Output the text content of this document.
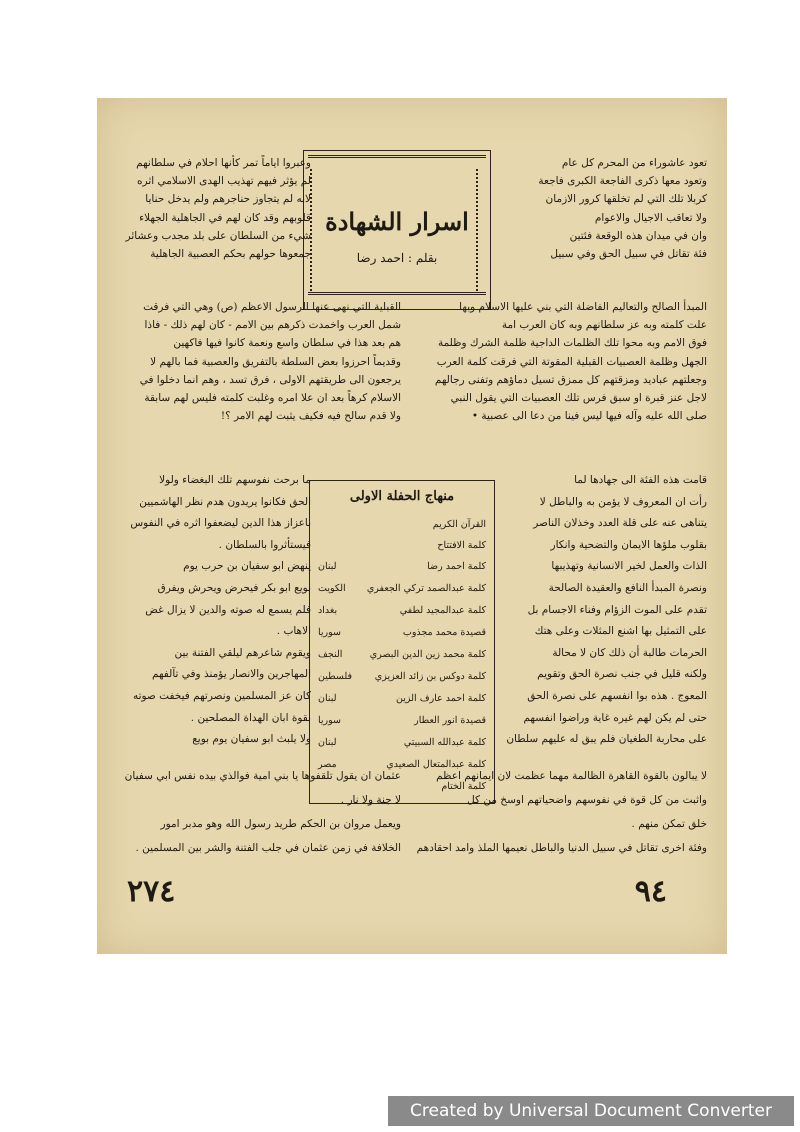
تعود عاشوراء من المحرم كل عام

وتعود معها ذكرى الفاجعة الكبرى فاجعة

كربلا تلك التي لم تخلقها كرور الازمان

ولا تعاقب الاجيال والاعوام

وان في ميدان هذه الوقعة فئتين

فئة تقاتل في سبيل الحق وفي سبيل

اسرار الشهادة
بقلم : احمد رضا

وعبروا اياماً تمر كأنها احلام في سلطانهم

لم يؤثر فيهم تهذيب الهدى الاسلامي اثره

لانه لم يتجاوز حناجرهم ولم يدخل حنايا

قلوبهم وقد كان لهم في الجاهلية الجهلاء

شيء من السلطان على بلد مجدب وعشائر

جمعوها حولهم بحكم العصبية الجاهلية

المبدأ الصالح والتعاليم الفاضلة التي بني عليها الاسلام وبها

علت كلمته وبه عز سلطانهم وبه كان العرب امة

فوق الامم وبه محوا تلك الظلمات الداجية ظلمة الشرك وظلمة

الجهل وظلمة العصبيات القبلية المقوتة التي فرقت كلمة العرب

وجعلتهم عباديد ومزقتهم كل ممزق تسيل دماؤهم وتفنى رجالهم

لاجل عنز قبرة او سبق فرس تلك العصبيات التي يقول النبي

صلى الله عليه وآله فيها ليس فينا من دعا الى عصبية •

القبلية التي نهى عنها الرسول الاعظم (ص) وهي التي فرقت

شمل العرب واخمدت ذكرهم بين الامم - كان لهم ذلك - فاذا

هم بعد هذا في سلطان واسع ونعمة كانوا فيها فاكهين

وقديماً احرزوا بعض السلطة بالتفريق والعصبية فما بالهم لا

يرجعون الى طريقتهم الاولى ، فرق تسد ، وهم انما دخلوا في

الاسلام كرهاً بعد ان علا امره وغلبت كلمته فليس لهم سابقة

ولا قدم سالح فيه فكيف يثبت لهم الامر ؟!

قامت هذه الفئة الى جهادها لما

رأت ان المعروف لا يؤمن به والباطل لا

يتناهى عنه على قلة العدد وخذلان الناصر

بقلوب ملؤها الايمان والتضحية وانكار

الذات والعمل لخير الانسانية وتهذيبها

ونصرة المبدأ النافع والعقيدة الصالحة

تقدم على الموت الزؤام وفناء الاجسام بل

على التمثيل بها اشنع المثلات وعلى هتك

الحرمات طالبة أن ذلك كان لا محالة

ولكنه قليل في جنب نصرة الحق وتقويم

المعوج . هذه بوا انفسهم على نصرة الحق

حتى لم يكن لهم غيره غاية وراضوا انفسهم

على محاربة الطغيان فلم يبق له عليهم سلطان

منهاج الحفلة الاولى
القرآن الكريم
كلمة الافتتاح
كلمة احمد رضا
لبنان
كلمة عبدالصمد تركي الجعفري
الكويت
كلمة عبدالمجيد لطفي
بغداد
قصيدة محمد مجذوب
سوريا
كلمة محمد زين الدين البصري
النجف
كلمة دوكس بن زائد العزيزي
فلسطين
كلمة احمد عارف الزين
لبنان
قصيدة انور العطار
سوريا
كلمة عبدالله السبيتي
لبنان
كلمة عبدالمتعال الصعيدي
مصر
كلمة الختام

ما برحت نفوسهم تلك البغضاء ولولا

الحق فكانوا يريدون هدم نظر الهاشميين

باعزاز هذا الدين ليضعفوا اثره في النفوس

فيستأثروا بالسلطان .

ينهض ابو سفيان بن حرب يوم

بويع ابو بكر فيحرض ويحرش ويفرق

فلم يسمع له صوته والدين لا يزال غض

الاهاب .

ويقوم شاعرهم ليلقي الفتنة بين

المهاجرين والانصار يؤمنذ وفي تآلفهم

كان عز المسلمين ونصرتهم فيخفت صوته

بقوة ابان الهداة المصلحين .

ولا يلبث ابو سفيان يوم بويع

لا يبالون بالقوة القاهرة الظالمة مهما عظمت لان ايمانهم اعظم

واثبت من كل قوة في نفوسهم واضحياتهم اوسخ من كل

خلق تمكن منهم .

وفئة اخرى تقاتل في سبيل الدنيا والباطل نعيمها الملذ وامد احقادهم

عثمان ان يقول تلقفوها يا بني امية فوالذي بيده نفس ابي سفيان

لا جنة ولا نار .

ويعمل مروان بن الحكم طريد رسول الله وهو مدبر امور

الخلافة في زمن عثمان في جلب الفتنة والشر بين المسلمين .

٩٤
٢٧٤
Created by Universal Document Converter
